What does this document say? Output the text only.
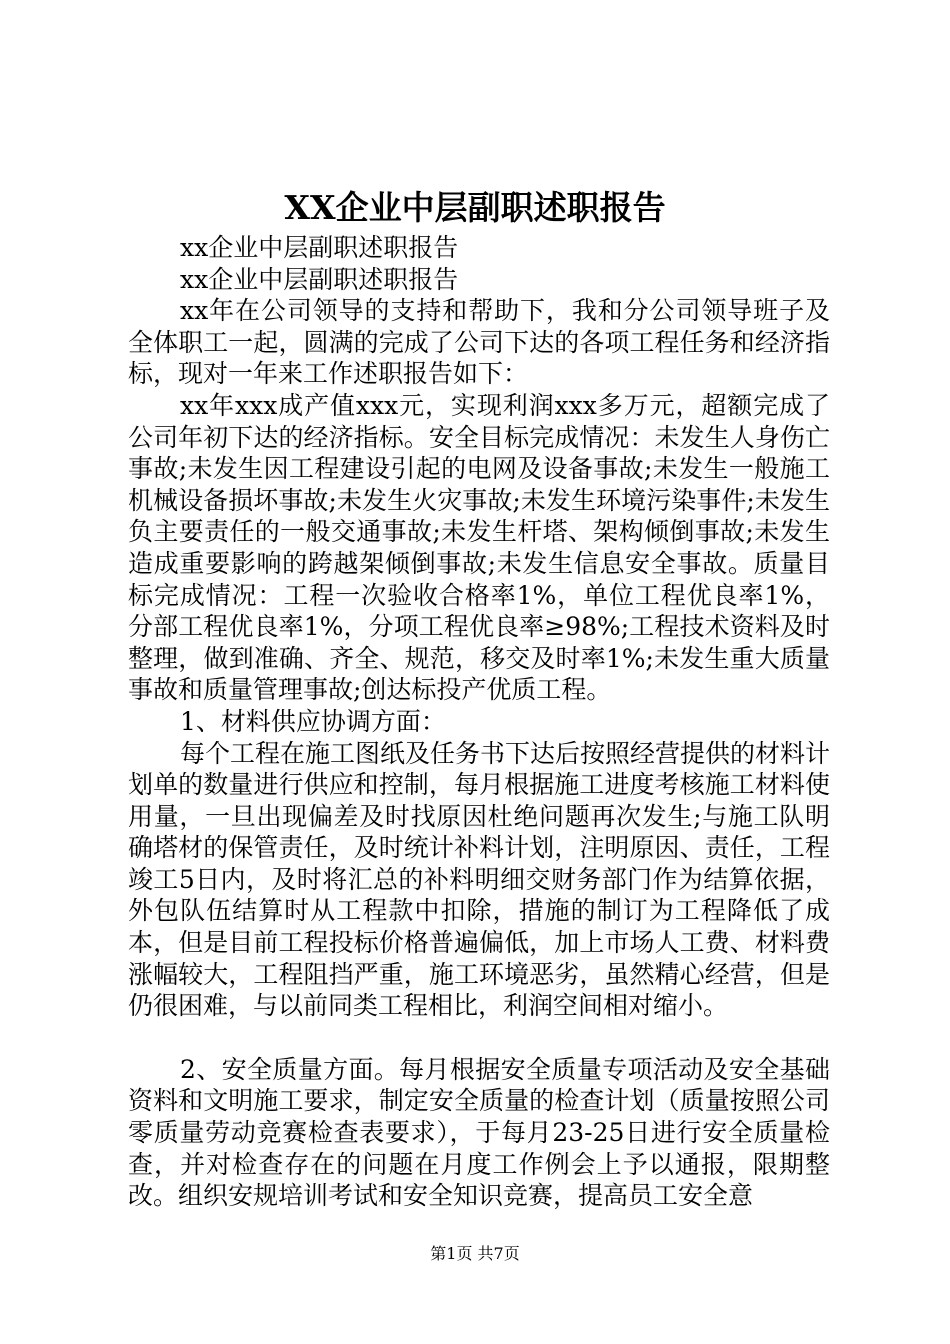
XX企业中层副职述职报告

xx企业中层副职述职报告

xx企业中层副职述职报告

xx年在公司领导的支持和帮助下，我和分公司领导班子及全体职工一起，圆满的完成了公司下达的各项工程任务和经济指标，现对一年来工作述职报告如下：

xx年xxx成产值xxx元，实现利润xxx多万元，超额完成了公司年初下达的经济指标。安全目标完成情况：未发生人身伤亡事故;未发生因工程建设引起的电网及设备事故;未发生一般施工机械设备损坏事故;未发生火灾事故;未发生环境污染事件;未发生负主要责任的一般交通事故;未发生杆塔、架构倾倒事故;未发生造成重要影响的跨越架倾倒事故;未发生信息安全事故。质量目标完成情况：工程一次验收合格率1%，单位工程优良率1%，分部工程优良率1%，分项工程优良率≥98%;工程技术资料及时整理，做到准确、齐全、规范，移交及时率1%;未发生重大质量事故和质量管理事故;创达标投产优质工程。

1、材料供应协调方面：

每个工程在施工图纸及任务书下达后按照经营提供的材料计划单的数量进行供应和控制，每月根据施工进度考核施工材料使用量，一旦出现偏差及时找原因杜绝问题再次发生;与施工队明确塔材的保管责任，及时统计补料计划，注明原因、责任，工程竣工5日内，及时将汇总的补料明细交财务部门作为结算依据，外包队伍结算时从工程款中扣除，措施的制订为工程降低了成本，但是目前工程投标价格普遍偏低，加上市场人工费、材料费涨幅较大，工程阻挡严重，施工环境恶劣，虽然精心经营，但是仍很困难，与以前同类工程相比，利润空间相对缩小。

2、安全质量方面。每月根据安全质量专项活动及安全基础资料和文明施工要求，制定安全质量的检查计划（质量按照公司零质量劳动竞赛检查表要求），于每月23-25日进行安全质量检查，并对检查存在的问题在月度工作例会上予以通报，限期整改。组织安规培训考试和安全知识竞赛，提高员工安全意

第1页 共7页
